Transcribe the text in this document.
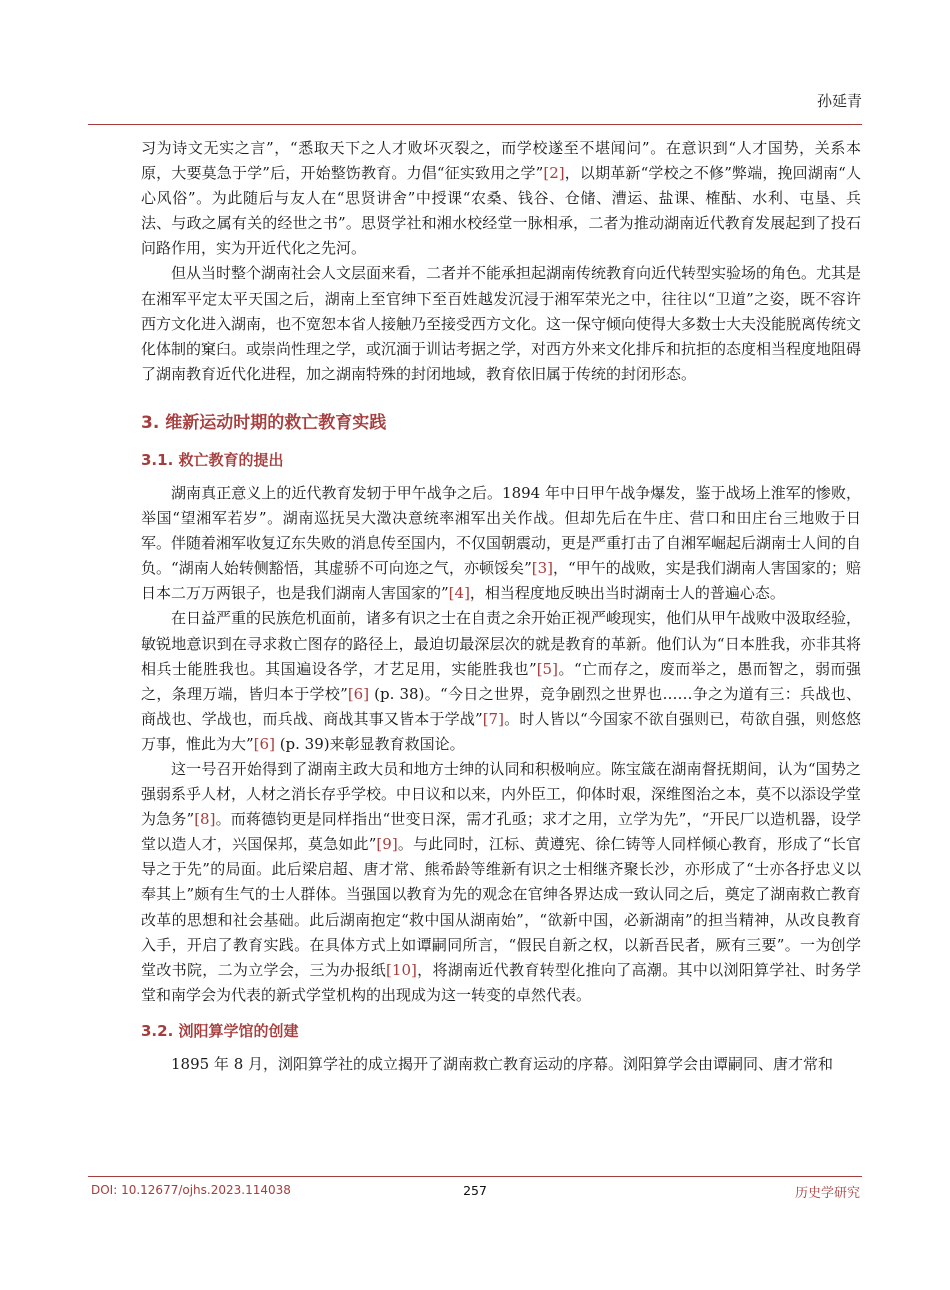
孙延青

习为诗文无实之言”，“悉取天下之人才败坏灭裂之，而学校遂至不堪闻问”。在意识到“人才国势，关系本原，大要莫急于学”后，开始整饬教育。力倡“征实致用之学”[2]，以期革新“学校之不修”弊端，挽回湖南“人心风俗”。为此随后与友人在“思贤讲舍”中授课“农桑、钱谷、仓储、漕运、盐课、榷酤、水利、屯垦、兵法、与政之属有关的经世之书”。思贤学社和湘水校经堂一脉相承，二者为推动湖南近代教育发展起到了投石问路作用，实为开近代化之先河。

但从当时整个湖南社会人文层面来看，二者并不能承担起湖南传统教育向近代转型实验场的角色。尤其是在湘军平定太平天国之后，湖南上至官绅下至百姓越发沉浸于湘军荣光之中，往往以“卫道”之姿，既不容许西方文化进入湖南，也不宽恕本省人接触乃至接受西方文化。这一保守倾向使得大多数士大夫没能脱离传统文化体制的窠臼。或崇尚性理之学，或沉湎于训诂考据之学，对西方外来文化排斥和抗拒的态度相当程度地阻碍了湖南教育近代化进程，加之湖南特殊的封闭地域，教育依旧属于传统的封闭形态。

3. 维新运动时期的救亡教育实践
3.1. 救亡教育的提出

湖南真正意义上的近代教育发轫于甲午战争之后。1894 年中日甲午战争爆发，鉴于战场上淮军的惨败，举国“望湘军若岁”。湖南巡抚吴大澂决意统率湘军出关作战。但却先后在牛庄、营口和田庄台三地败于日军。伴随着湘军收复辽东失败的消息传至国内，不仅国朝震动，更是严重打击了自湘军崛起后湖南士人间的自负。“湖南人始转侧豁悟，其虚骄不可向迩之气，亦顿馁矣”[3]，“甲午的战败，实是我们湖南人害国家的；赔日本二万万两银子，也是我们湖南人害国家的”[4]，相当程度地反映出当时湖南士人的普遍心态。

在日益严重的民族危机面前，诸多有识之士在自责之余开始正视严峻现实，他们从甲午战败中汲取经验，敏锐地意识到在寻求救亡图存的路径上，最迫切最深层次的就是教育的革新。他们认为“日本胜我，亦非其将相兵士能胜我也。其国遍设各学，才艺足用，实能胜我也”[5]。“亡而存之，废而举之，愚而智之，弱而强之，条理万端，皆归本于学校”[6] (p. 38)。“今日之世界，竞争剧烈之世界也……争之为道有三：兵战也、商战也、学战也，而兵战、商战其事又皆本于学战”[7]。时人皆以“今国家不欲自强则已，苟欲自强，则悠悠万事，惟此为大”[6] (p. 39)来彰显教育救国论。

这一号召开始得到了湖南主政大员和地方士绅的认同和积极响应。陈宝箴在湖南督抚期间，认为“国势之强弱系乎人材，人材之消长存乎学校。中日议和以来，内外臣工，仰体时艰，深维图治之本，莫不以添设学堂为急务”[8]。而蒋德钧更是同样指出“世变日深，需才孔亟；求才之用，立学为先”，“开民厂以造机器，设学堂以造人才，兴国保邦，莫急如此”[9]。与此同时，江标、黄遵宪、徐仁铸等人同样倾心教育，形成了“长官导之于先”的局面。此后梁启超、唐才常、熊希龄等维新有识之士相继齐聚长沙，亦形成了“士亦各抒忠义以奉其上”颇有生气的士人群体。当强国以教育为先的观念在官绅各界达成一致认同之后，奠定了湖南救亡教育改革的思想和社会基础。此后湖南抱定“救中国从湖南始”，“欲新中国，必新湖南”的担当精神，从改良教育入手，开启了教育实践。在具体方式上如谭嗣同所言，“假民自新之权，以新吾民者，厥有三要”。一为创学堂改书院，二为立学会，三为办报纸[10]，将湖南近代教育转型化推向了高潮。其中以浏阳算学社、时务学堂和南学会为代表的新式学堂机构的出现成为这一转变的卓然代表。

3.2. 浏阳算学馆的创建

1895 年 8 月，浏阳算学社的成立揭开了湖南救亡教育运动的序幕。浏阳算学会由谭嗣同、唐才常和

DOI: 10.12677/ojhs.2023.114038	257	历史学研究
